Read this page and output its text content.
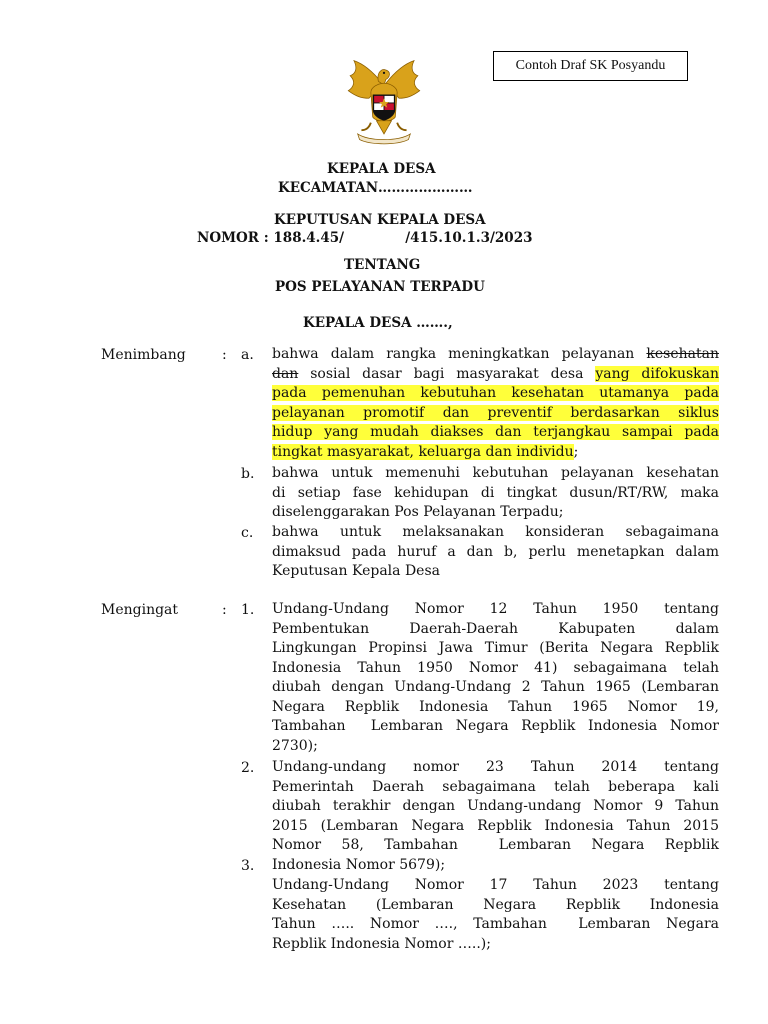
Contoh Draf SK Posyandu
KEPALA DESA
KECAMATAN…………………
KEPUTUSAN KEPALA DESA
NOMOR : 188.4.45/             /415.10.1.3/2023
TENTANG
POS PELAYANAN TERPADU
KEPALA DESA …….,
Menimbang	: a. bahwa dalam rangka meningkatkan pelayanan kesehatan
dan sosial dasar bagi masyarakat desa yang difokuskan
pada pemenuhan kebutuhan kesehatan utamanya pada
pelayanan promotif dan preventif berdasarkan siklus
hidup yang mudah diakses dan terjangkau sampai pada
tingkat masyarakat, keluarga dan individu;
b. bahwa untuk memenuhi kebutuhan pelayanan kesehatan
di setiap fase kehidupan di tingkat dusun/RT/RW, maka
diselenggarakan Pos Pelayanan Terpadu;
c. bahwa untuk melaksanakan konsideran sebagaimana
dimaksud pada huruf a dan b, perlu menetapkan dalam
Keputusan Kepala Desa
Mengingat	: 1. Undang-Undang Nomor 12 Tahun 1950 tentang
Pembentukan Daerah-Daerah Kabupaten dalam
Lingkungan Propinsi Jawa Timur (Berita Negara Repblik
Indonesia Tahun 1950 Nomor 41) sebagaimana telah
diubah dengan Undang-Undang 2 Tahun 1965 (Lembaran
Negara Repblik Indonesia Tahun 1965 Nomor 19,
Tambahan  Lembaran Negara Repblik Indonesia Nomor
2730);
2. Undang-undang nomor 23 Tahun 2014 tentang
Pemerintah Daerah sebagaimana telah beberapa kali
diubah terakhir dengan Undang-undang Nomor 9 Tahun
2015 (Lembaran Negara Repblik Indonesia Tahun 2015
Nomor 58, Tambahan  Lembaran Negara Repblik
Indonesia Nomor 5679);
3.
Undang-Undang Nomor 17 Tahun 2023 tentang
Kesehatan (Lembaran Negara Repblik Indonesia
Tahun ….. Nomor …., Tambahan  Lembaran Negara
Repblik Indonesia Nomor …..);
